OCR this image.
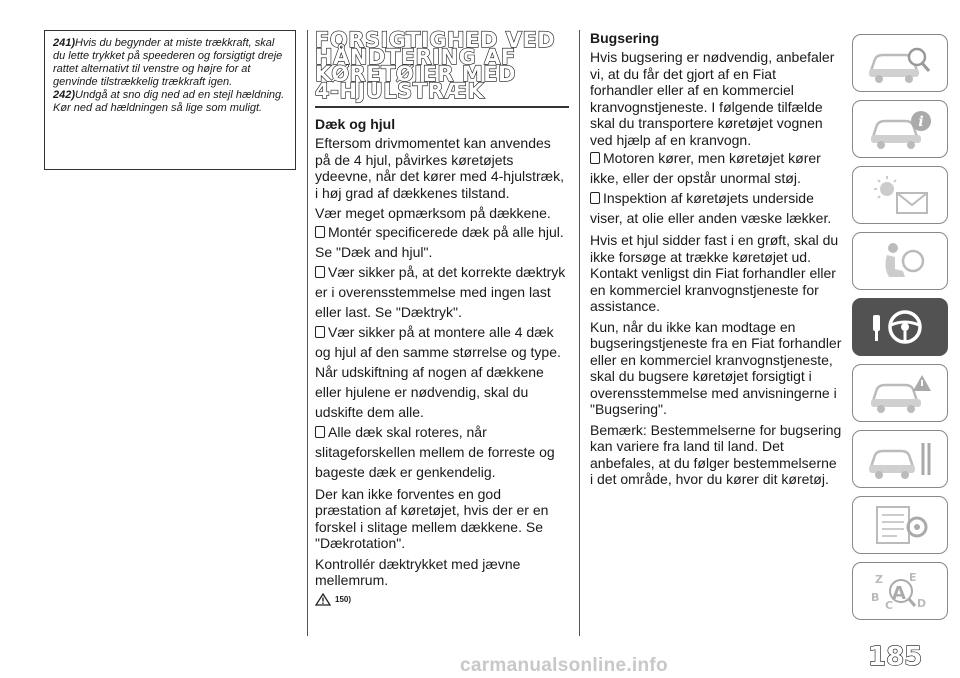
241)Hvis du begynder at miste trækkraft, skal du lette trykket på speederen og forsigtigt dreje rattet alternativt til venstre og højre for at genvinde tilstrækkelig trækkraft igen.

242)Undgå at sno dig ned ad en stejl hældning. Kør ned ad hældningen så lige som muligt.

FORSIGTIGHED VED
HÅNDTERING AF
KØRETØJER MED
4-HJULSTRÆK
Dæk og hjul

Eftersom drivmomentet kan anvendes på de 4 hjul, påvirkes køretøjets ydeevne, når det kører med 4-hjulstræk, i høj grad af dækkenes tilstand.

Vær meget opmærksom på dækkene.

Montér specificerede dæk på alle hjul. Se "Dæk and hjul".

Vær sikker på, at det korrekte dæktryk er i overensstemmelse med ingen last eller last. Se "Dæktryk".

Vær sikker på at montere alle 4 dæk og hjul af den samme størrelse og type. Når udskiftning af nogen af dækkene eller hjulene er nødvendig, skal du udskifte dem alle.

Alle dæk skal roteres, når slitageforskellen mellem de forreste og bageste dæk er genkendelig.

Der kan ikke forventes en god præstation af køretøjet, hvis der er en forskel i slitage mellem dækkene. Se "Dækrotation".

Kontrollér dæktrykket med jævne mellemrum.

150)
Bugsering

Hvis bugsering er nødvendig, anbefaler vi, at du får det gjort af en Fiat forhandler eller af en kommerciel kranvognstjeneste. I følgende tilfælde skal du transportere køretøjet vognen ved hjælp af en kranvogn.

Motoren kører, men køretøjet kører ikke, eller der opstår unormal støj.

Inspektion af køretøjets underside viser, at olie eller anden væske lækker.

Hvis et hjul sidder fast i en grøft, skal du ikke forsøge at trække køretøjet ud. Kontakt venligst din Fiat forhandler eller en kommerciel kranvognstjeneste for assistance.

Kun, når du ikke kan modtage en bugseringstjeneste fra en Fiat forhandler eller en kommerciel kranvognstjeneste, skal du bugsere køretøjet forsigtigt i overensstemmelse med anvisningerne i "Bugsering".

Bemærk: Bestemmelserne for bugsering kan variere fra land til land. Det anbefales, at du følger bestemmelserne i det område, hvor du kører dit køretøj.

i
Z E
B
C D
A
185
carmanualsonline.info
